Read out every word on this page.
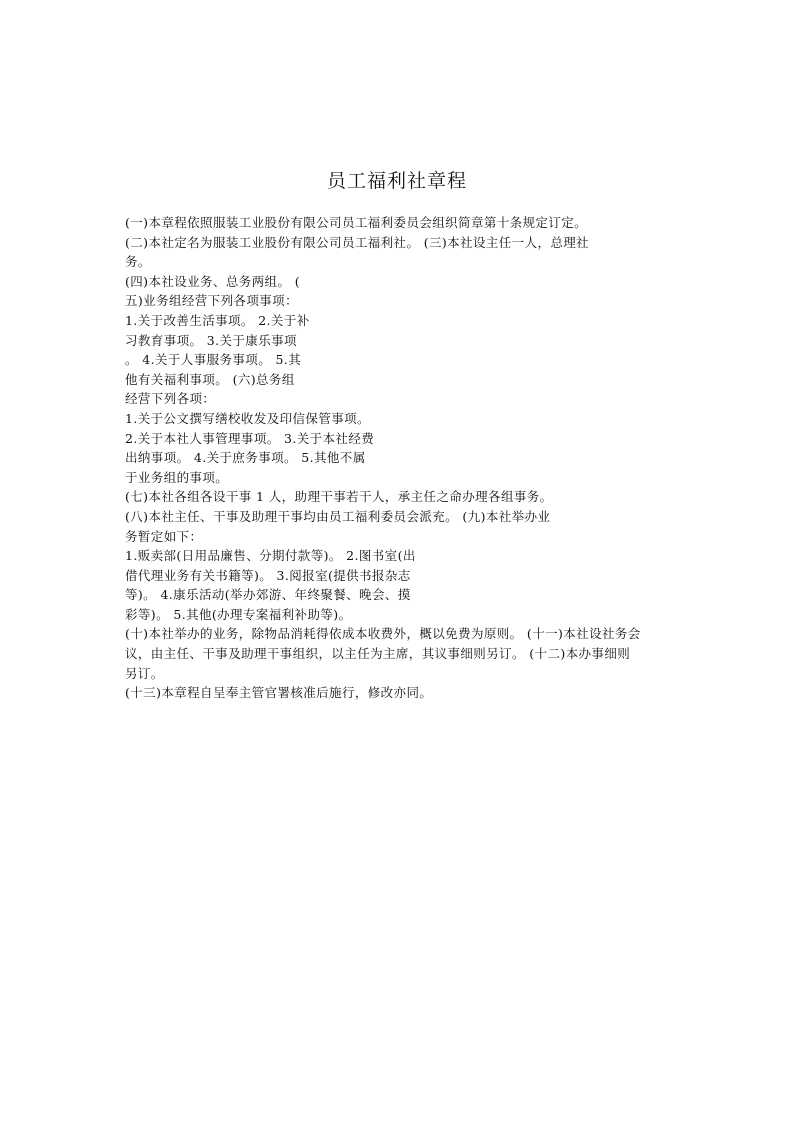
员工福利社章程
(一)本章程依照服装工业股份有限公司员工福利委员会组织简章第十条规定订定。
(二)本社定名为服装工业股份有限公司员工福利社。 (三)本社设主任一人，总理社
务。
(四)本社设业务、总务两组。 (
五)业务组经营下列各项事项：
1.关于改善生活事项。 2.关于补
习教育事项。 3.关于康乐事项
。 4.关于人事服务事项。 5.其
他有关福利事项。 (六)总务组
经营下列各项：
1.关于公文撰写缮校收发及印信保管事项。
2.关于本社人事管理事项。 3.关于本社经费
出纳事项。 4.关于庶务事项。 5.其他不属
于业务组的事项。
(七)本社各组各设干事 1 人，助理干事若干人，承主任之命办理各组事务。
(八)本社主任、干事及助理干事均由员工福利委员会派充。 (九)本社举办业
务暂定如下：
1.贩卖部(日用品廉售、分期付款等)。 2.图书室(出
借代理业务有关书籍等)。 3.阅报室(提供书报杂志
等)。 4.康乐活动(举办郊游、年终聚餐、晚会、摸
彩等)。 5.其他(办理专案福利补助等)。
(十)本社举办的业务，除物品消耗得依成本收费外，概以免费为原则。 (十一)本社设社务会
议，由主任、干事及助理干事组织，以主任为主席，其议事细则另订。 (十二)本办事细则
另订。
(十三)本章程自呈奉主管官署核准后施行，修改亦同。
